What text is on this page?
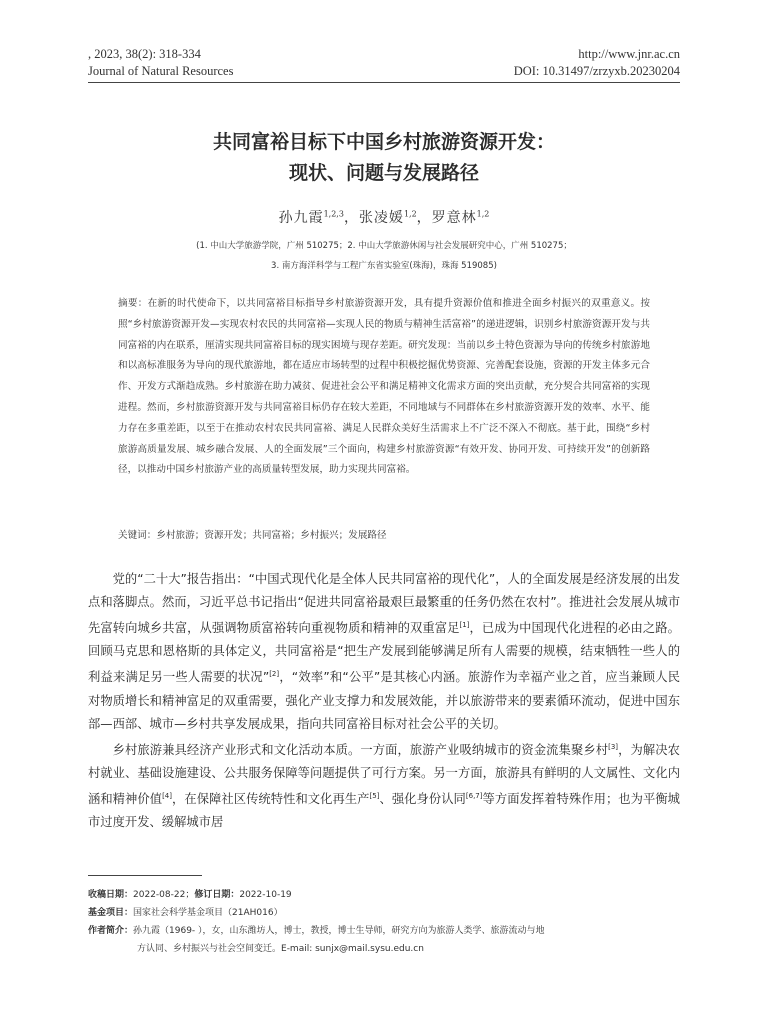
, 2023, 38(2): 318-334	http://www.jnr.ac.cn
Journal of Natural Resources	DOI: 10.31497/zrzyxb.20230204
共同富裕目标下中国乡村旅游资源开发：
现状、问题与发展路径
孙九霞$^{1,2,3}$，张凌媛$^{1,2}$，罗意林$^{1,2}$
(1. 中山大学旅游学院，广州 510275；2. 中山大学旅游休闲与社会发展研究中心，广州 510275；
3. 南方海洋科学与工程广东省实验室(珠海)，珠海 519085)

摘要：在新的时代使命下，以共同富裕目标指导乡村旅游资源开发，具有提升资源价值和推进全面乡村振兴的双重意义。按照“乡村旅游资源开发—实现农村农民的共同富裕—实现人民的物质与精神生活富裕”的递进逻辑，识别乡村旅游资源开发与共同富裕的内在联系，厘清实现共同富裕目标的现实困境与现存差距。研究发现：当前以乡土特色资源为导向的传统乡村旅游地和以高标准服务为导向的现代旅游地，都在适应市场转型的过程中积极挖掘优势资源、完善配套设施，资源的开发主体多元合作、开发方式渐趋成熟。乡村旅游在助力减贫、促进社会公平和满足精神文化需求方面的突出贡献，充分契合共同富裕的实现进程。然而，乡村旅游资源开发与共同富裕目标仍存在较大差距，不同地域与不同群体在乡村旅游资源开发的效率、水平、能力存在多重差距，以至于在推动农村农民共同富裕、满足人民群众美好生活需求上不广泛不深入不彻底。基于此，围绕“乡村旅游高质量发展、城乡融合发展、人的全面发展”三个面向，构建乡村旅游资源“有效开发、协同开发、可持续开发”的创新路径，以推动中国乡村旅游产业的高质量转型发展，助力实现共同富裕。

关键词：乡村旅游；资源开发；共同富裕；乡村振兴；发展路径

党的“二十大”报告指出：“中国式现代化是全体人民共同富裕的现代化”，人的全面发展是经济发展的出发点和落脚点。然而，习近平总书记指出“促进共同富裕最艰巨最繁重的任务仍然在农村”。推进社会发展从城市先富转向城乡共富，从强调物质富裕转向重视物质和精神的双重富足[1]，已成为中国现代化进程的必由之路。回顾马克思和恩格斯的具体定义，共同富裕是“把生产发展到能够满足所有人需要的规模，结束牺牲一些人的利益来满足另一些人需要的状况”[2]，“效率”和“公平”是其核心内涵。旅游作为幸福产业之首，应当兼顾人民对物质增长和精神富足的双重需要，强化产业支撑力和发展效能，并以旅游带来的要素循环流动，促进中国东部—西部、城市—乡村共享发展成果，指向共同富裕目标对社会公平的关切。

乡村旅游兼具经济产业形式和文化活动本质。一方面，旅游产业吸纳城市的资金流集聚乡村[3]，为解决农村就业、基础设施建设、公共服务保障等问题提供了可行方案。另一方面，旅游具有鲜明的人文属性、文化内涵和精神价值[4]，在保障社区传统特性和文化再生产[5]、强化身份认同[6,7]等方面发挥着特殊作用；也为平衡城市过度开发、缓解城市居

收稿日期：2022-08-22；修订日期：2022-10-19
基金项目：国家社会科学基金项目（21AH016）
作者简介：孙九霞（1969- ），女，山东潍坊人，博士，教授，博士生导师，研究方向为旅游人类学、旅游流动与地
方认同、乡村振兴与社会空间变迁。E-mail: sunjx@mail.sysu.edu.cn
